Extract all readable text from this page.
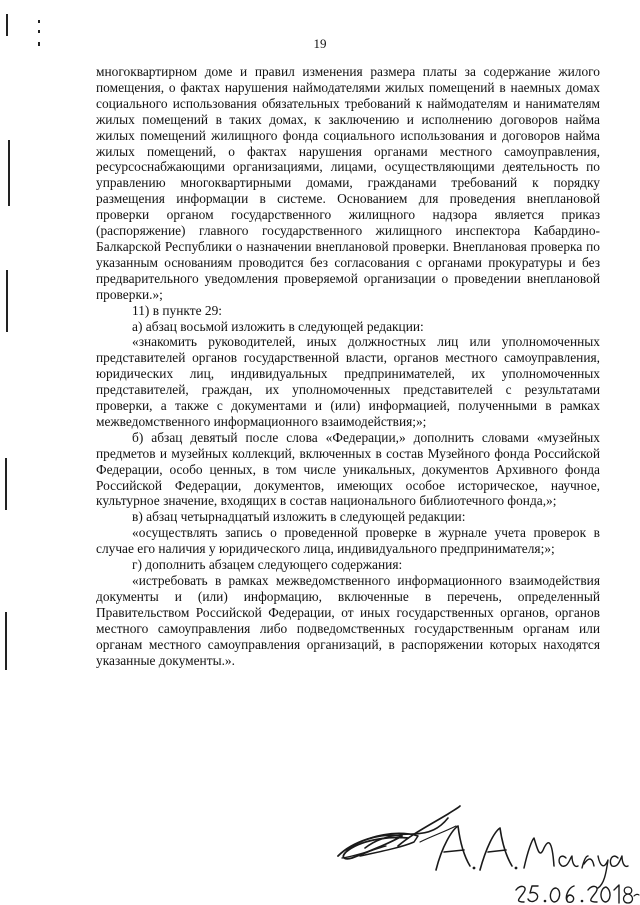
19

многоквартирном доме и правил изменения размера платы за содержание жилого помещения, о фактах нарушения наймодателями жилых помещений в наемных домах социального использования обязательных требований к наймодателям и нанимателям жилых помещений в таких домах, к заключению и исполнению договоров найма жилых помещений жилищного фонда социального использования и договоров найма жилых помещений, о фактах нарушения органами местного самоуправления, ресурсоснабжающими организациями, лицами, осуществляющими деятельность по управлению многоквартирными домами, гражданами требований к порядку размещения информации в системе. Основанием для проведения внеплановой проверки органом государственного жилищного надзора является приказ (распоряжение) главного государственного жилищного инспектора Кабардино-Балкарской Республики о назначении внеплановой проверки. Внеплановая проверка по указанным основаниям проводится без согласования с органами прокуратуры и без предварительного уведомления проверяемой организации о проведении внеплановой проверки.»;

11) в пункте 29:

а) абзац восьмой изложить в следующей редакции:

«знакомить руководителей, иных должностных лиц или уполномоченных представителей органов государственной власти, органов местного самоуправления, юридических лиц, индивидуальных предпринимателей, их уполномоченных представителей, граждан, их уполномоченных представителей с результатами проверки, а также с документами и (или) информацией, полученными в рамках межведомственного информационного взаимодействия;»;

б) абзац девятый после слова «Федерации,» дополнить словами «музейных предметов и музейных коллекций, включенных в состав Музейного фонда Российской Федерации, особо ценных, в том числе уникальных, документов Архивного фонда Российской Федерации, документов, имеющих особое историческое, научное, культурное значение, входящих в состав национального библиотечного фонда,»;

в) абзац четырнадцатый изложить в следующей редакции:

«осуществлять запись о проведенной проверке в журнале учета проверок в случае его наличия у юридического лица, индивидуального предпринимателя;»;

г) дополнить абзацем следующего содержания:

«истребовать в рамках межведомственного информационного взаимодействия документы и (или) информацию, включенные в перечень, определенный Правительством Российской Федерации, от иных государственных органов, органов местного самоуправления либо подведомственных государственным органам или органам местного самоуправления организаций, в распоряжении которых находятся указанные документы.».
